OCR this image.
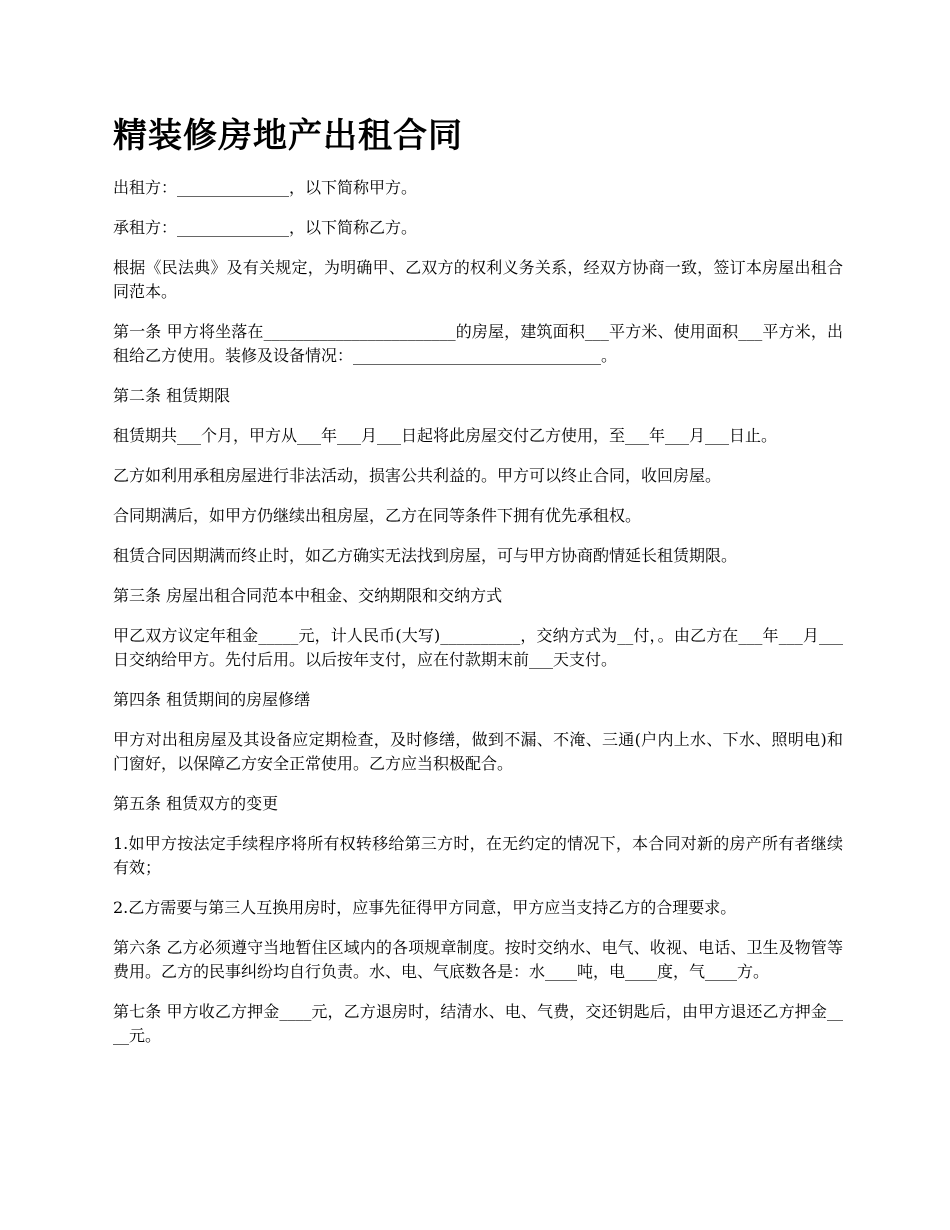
精装修房地产出租合同

出租方：______________，以下简称甲方。

承租方：______________，以下简称乙方。

根据《民法典》及有关规定，为明确甲、乙双方的权利义务关系，经双方协商一致，签订本房屋出租合同范本。

第一条 甲方将坐落在________________________的房屋，建筑面积___平方米、使用面积___平方米，出租给乙方使用。装修及设备情况：_______________________________。

第二条 租赁期限

租赁期共___个月，甲方从___年___月___日起将此房屋交付乙方使用，至___年___月___日止。

乙方如利用承租房屋进行非法活动，损害公共利益的。甲方可以终止合同，收回房屋。

合同期满后，如甲方仍继续出租房屋，乙方在同等条件下拥有优先承租权。

租赁合同因期满而终止时，如乙方确实无法找到房屋，可与甲方协商酌情延长租赁期限。

第三条 房屋出租合同范本中租金、交纳期限和交纳方式

甲乙双方议定年租金_____元，计人民币(大写)__________，交纳方式为__付，。由乙方在___年___月___日交纳给甲方。先付后用。以后按年支付，应在付款期末前___天支付。

第四条 租赁期间的房屋修缮

甲方对出租房屋及其设备应定期检查，及时修缮，做到不漏、不淹、三通(户内上水、下水、照明电)和门窗好，以保障乙方安全正常使用。乙方应当积极配合。

第五条 租赁双方的变更

1.如甲方按法定手续程序将所有权转移给第三方时，在无约定的情况下，本合同对新的房产所有者继续有效；

2.乙方需要与第三人互换用房时，应事先征得甲方同意，甲方应当支持乙方的合理要求。

第六条 乙方必须遵守当地暂住区域内的各项规章制度。按时交纳水、电气、收视、电话、卫生及物管等费用。乙方的民事纠纷均自行负责。水、电、气底数各是：水____吨，电____度，气____方。

第七条 甲方收乙方押金____元，乙方退房时，结清水、电、气费，交还钥匙后，由甲方退还乙方押金____元。
